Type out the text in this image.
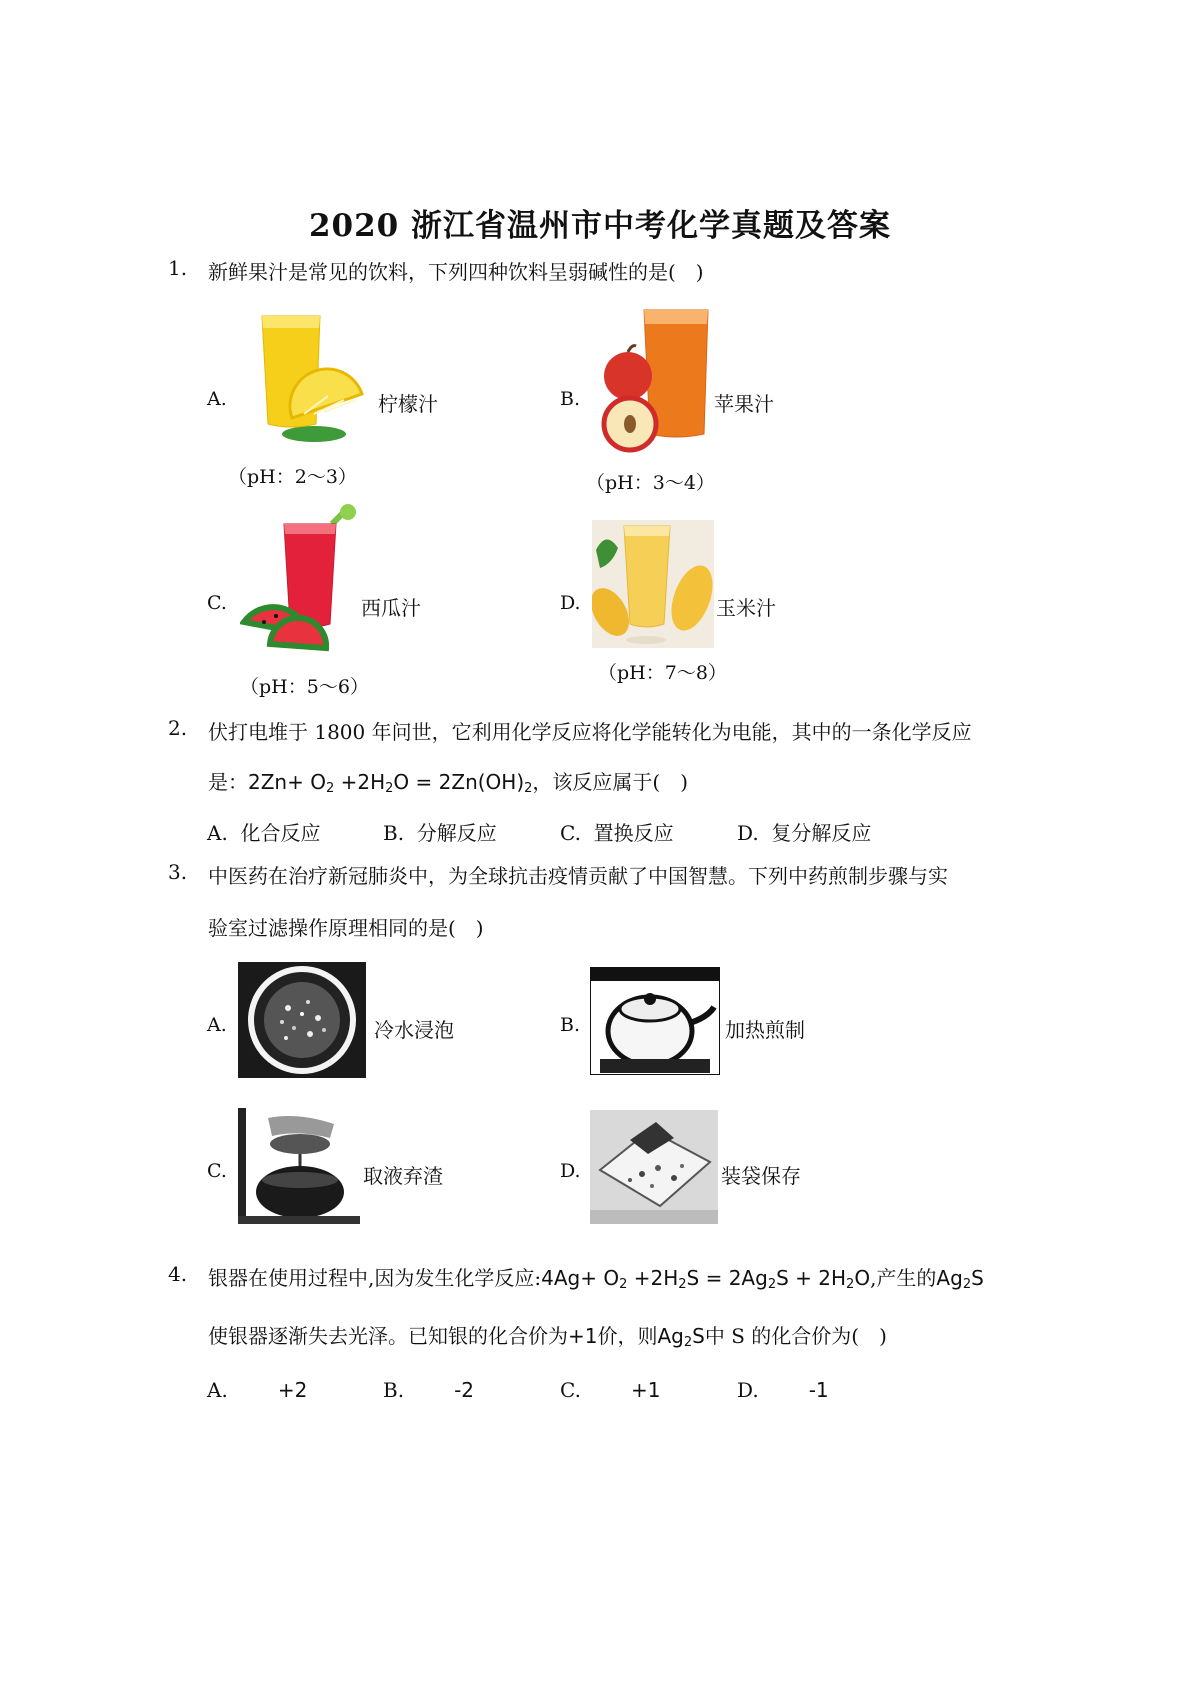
2020 浙江省温州市中考化学真题及答案
1. 新鲜果汁是常见的饮料，下列四种饮料呈弱碱性的是(　)
A.	柠檬汁
（pH：2～3）
B.	苹果汁
（pH：3～4）
C.	西瓜汁
（pH：5～6）
D.	玉米汁
（pH：7～8）
2. 伏打电堆于 1800 年问世，它利用化学反应将化学能转化为电能，其中的一条化学反应
是：$2Zn+ O_2 +2H_2O = 2Zn(OH)_2$，该反应属于(　)
A. 化合反应	B. 分解反应	C. 置换反应	D. 复分解反应
3. 中医药在治疗新冠肺炎中，为全球抗击疫情贡献了中国智慧。下列中药煎制步骤与实
验室过滤操作原理相同的是(　)
A.	冷水浸泡	B.	加热煎制
C.	取液弃渣	D.	装袋保存
4. 银器在使用过程中,因为发生化学反应:4Ag+ $O_2 +2H_2S = 2Ag_2S + 2H_2O$,产生的$Ag_2S$
使银器逐渐失去光泽。已知银的化合价为+1价，则$Ag_2S$中 S 的化合价为(　)
A.	+2	B.	-2	C.	+1	D.	-1
